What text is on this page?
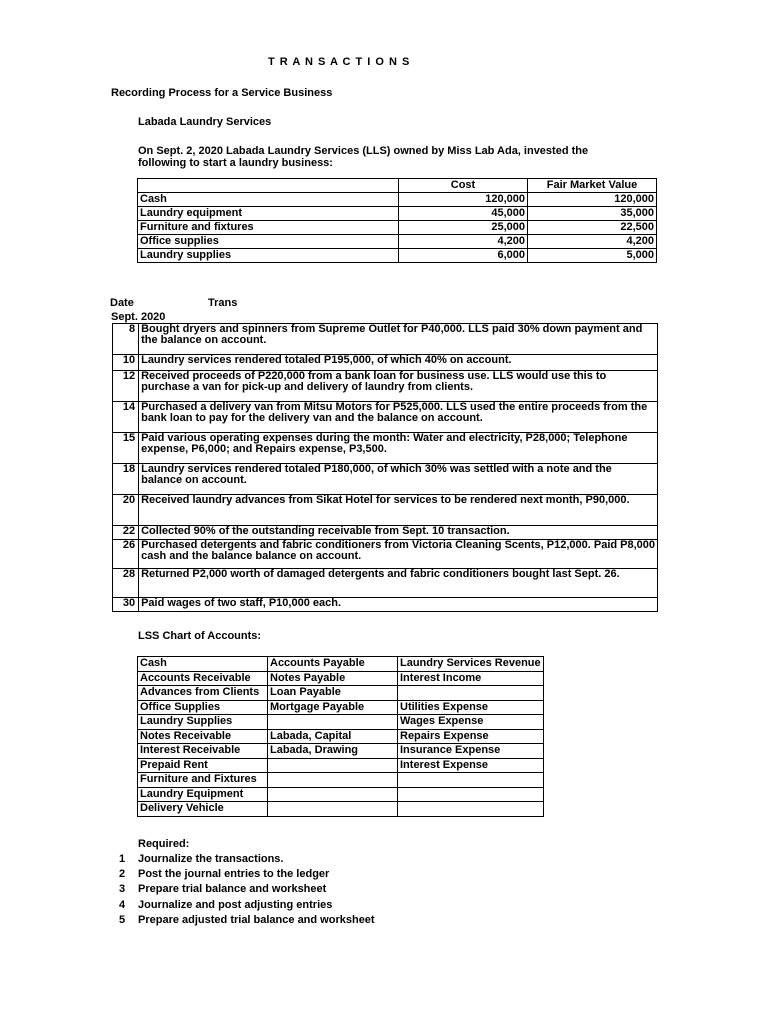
T R A N S A C T I O N S
Recording Process for a Service Business
Labada Laundry Services
On Sept. 2, 2020 Labada Laundry Services (LLS) owned by Miss Lab Ada, invested the following to start a laundry business:
	Cost	Fair Market Value
Cash	120,000	120,000
Laundry equipment	45,000	35,000
Furniture and fixtures	25,000	22,500
Office supplies	4,200	4,200
Laundry supplies	6,000	5,000
Date	Trans
Sept. 2020
8	Bought dryers and spinners from Supreme Outlet for P40,000. LLS paid 30% down payment and the balance on account.
10	Laundry services rendered totaled P195,000, of which 40% on account.
12	Received proceeds of P220,000 from a bank loan for business use. LLS would use this to purchase a van for pick-up and delivery of laundry from clients.
14	Purchased a delivery van from Mitsu Motors for P525,000. LLS used the entire proceeds from the bank loan to pay for the delivery van and the balance on account.
15	Paid various operating expenses during the month: Water and electricity, P28,000; Telephone expense, P6,000; and Repairs expense, P3,500.
18	Laundry services rendered totaled P180,000, of which 30% was settled with a note and the balance on account.
20	Received laundry advances from Sikat Hotel for services to be rendered next month, P90,000.
22	Collected 90% of the outstanding receivable from Sept. 10 transaction.
26	Purchased detergents and fabric conditioners from Victoria Cleaning Scents, P12,000. Paid P8,000 cash and the balance balance on account.
28	Returned P2,000 worth of damaged detergents and fabric conditioners bought last Sept. 26.
30	Paid wages of two staff, P10,000 each.
LSS Chart of Accounts:
Cash	Accounts Payable	Laundry Services Revenue
Accounts Receivable	Notes Payable	Interest Income
Advances from Clients	Loan Payable	
Office Supplies	Mortgage Payable	Utilities Expense
Laundry Supplies		Wages Expense
Notes Receivable	Labada, Capital	Repairs Expense
Interest Receivable	Labada, Drawing	Insurance Expense
Prepaid Rent		Interest Expense
Furniture and Fixtures		
Laundry Equipment		
Delivery Vehicle		
Required:
1 Journalize the transactions.
2 Post the journal entries to the ledger
3 Prepare trial balance and worksheet
4 Journalize and post adjusting entries
5 Prepare adjusted trial balance and worksheet
